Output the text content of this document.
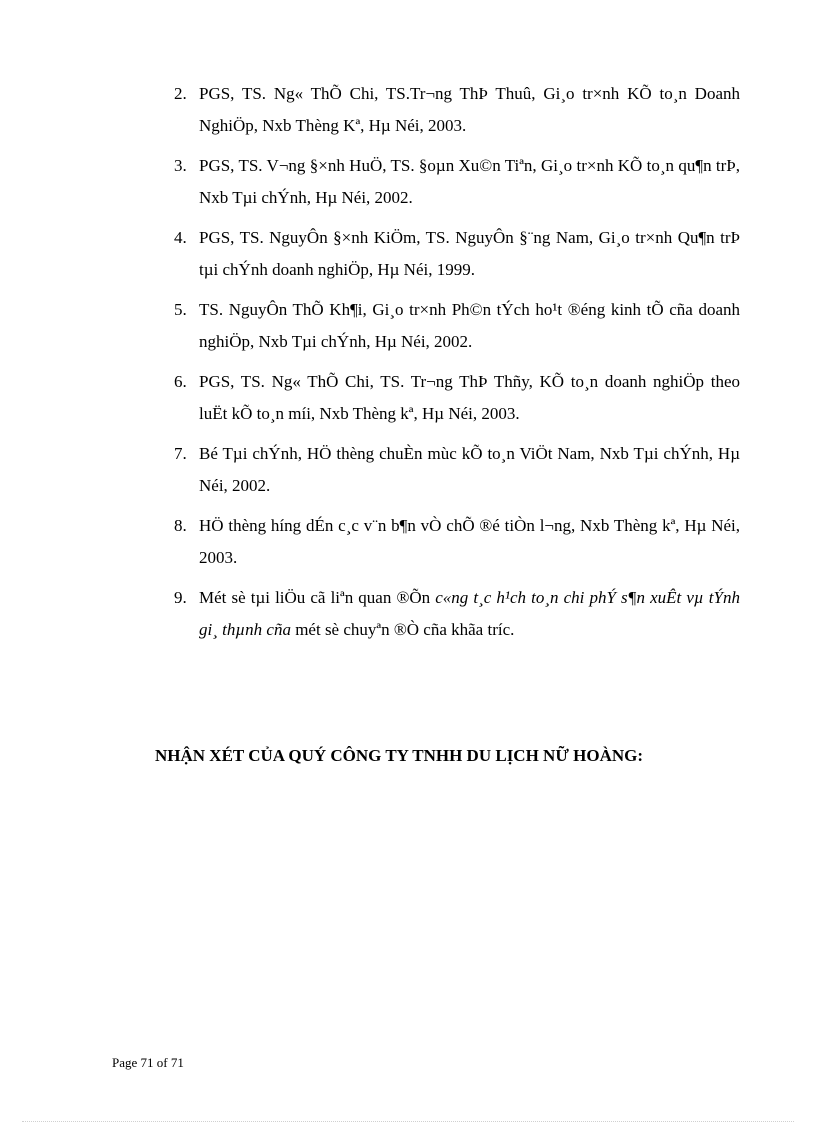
2. PGS, TS. Ng« ThÕ Chi, TS.Tr¬ng ThÞ Thuû, Gi¸o tr×nh KÕ to¸n Doanh NghiÖp, Nxb Thèng Kª, Hµ Néi, 2003.
3. PGS, TS. V¬ng §×nh HuÖ, TS. §oµn Xu©n Tiªn, Gi¸o tr×nh KÕ to¸n qu¶n trÞ, Nxb Tµi chÝnh, Hµ Néi, 2002.
4. PGS, TS. NguyÔn §×nh KiÖm, TS. NguyÔn §¨ng Nam, Gi¸o tr×nh Qu¶n trÞ tµi chÝnh doanh nghiÖp, Hµ Néi, 1999.
5. TS. NguyÔn ThÕ Kh¶i, Gi¸o tr×nh Ph©n tÝch ho¹t ®éng kinh tÕ cña doanh nghiÖp, Nxb Tµi chÝnh, Hµ Néi, 2002.
6. PGS, TS. Ng« ThÕ Chi, TS. Tr¬ng ThÞ Thñy, KÕ to¸n doanh nghiÖp theo luËt kÕ to¸n míi, Nxb Thèng kª, Hµ Néi, 2003.
7. Bé Tµi chÝnh, HÖ thèng chuÈn mùc kÕ to¸n ViÖt Nam, Nxb Tµi chÝnh, Hµ Néi, 2002.
8. HÖ thèng híng dÉn c¸c v¨n b¶n vÒ chÕ ®é tiÒn l¬ng, Nxb Thèng kª, Hµ Néi, 2003.
9. Mét sè tµi liÖu cã liªn quan ®Õn c«ng t¸c h¹ch to¸n chi phÝ s¶n xuÊt vµ tÝnh gi¸ thµnh cña mét sè chuyªn ®Ò cña khãa tríc.
NHẬN XÉT CỦA QUÝ CÔNG TY TNHH DU LỊCH NỮ HOÀNG:
Page 71 of 71
